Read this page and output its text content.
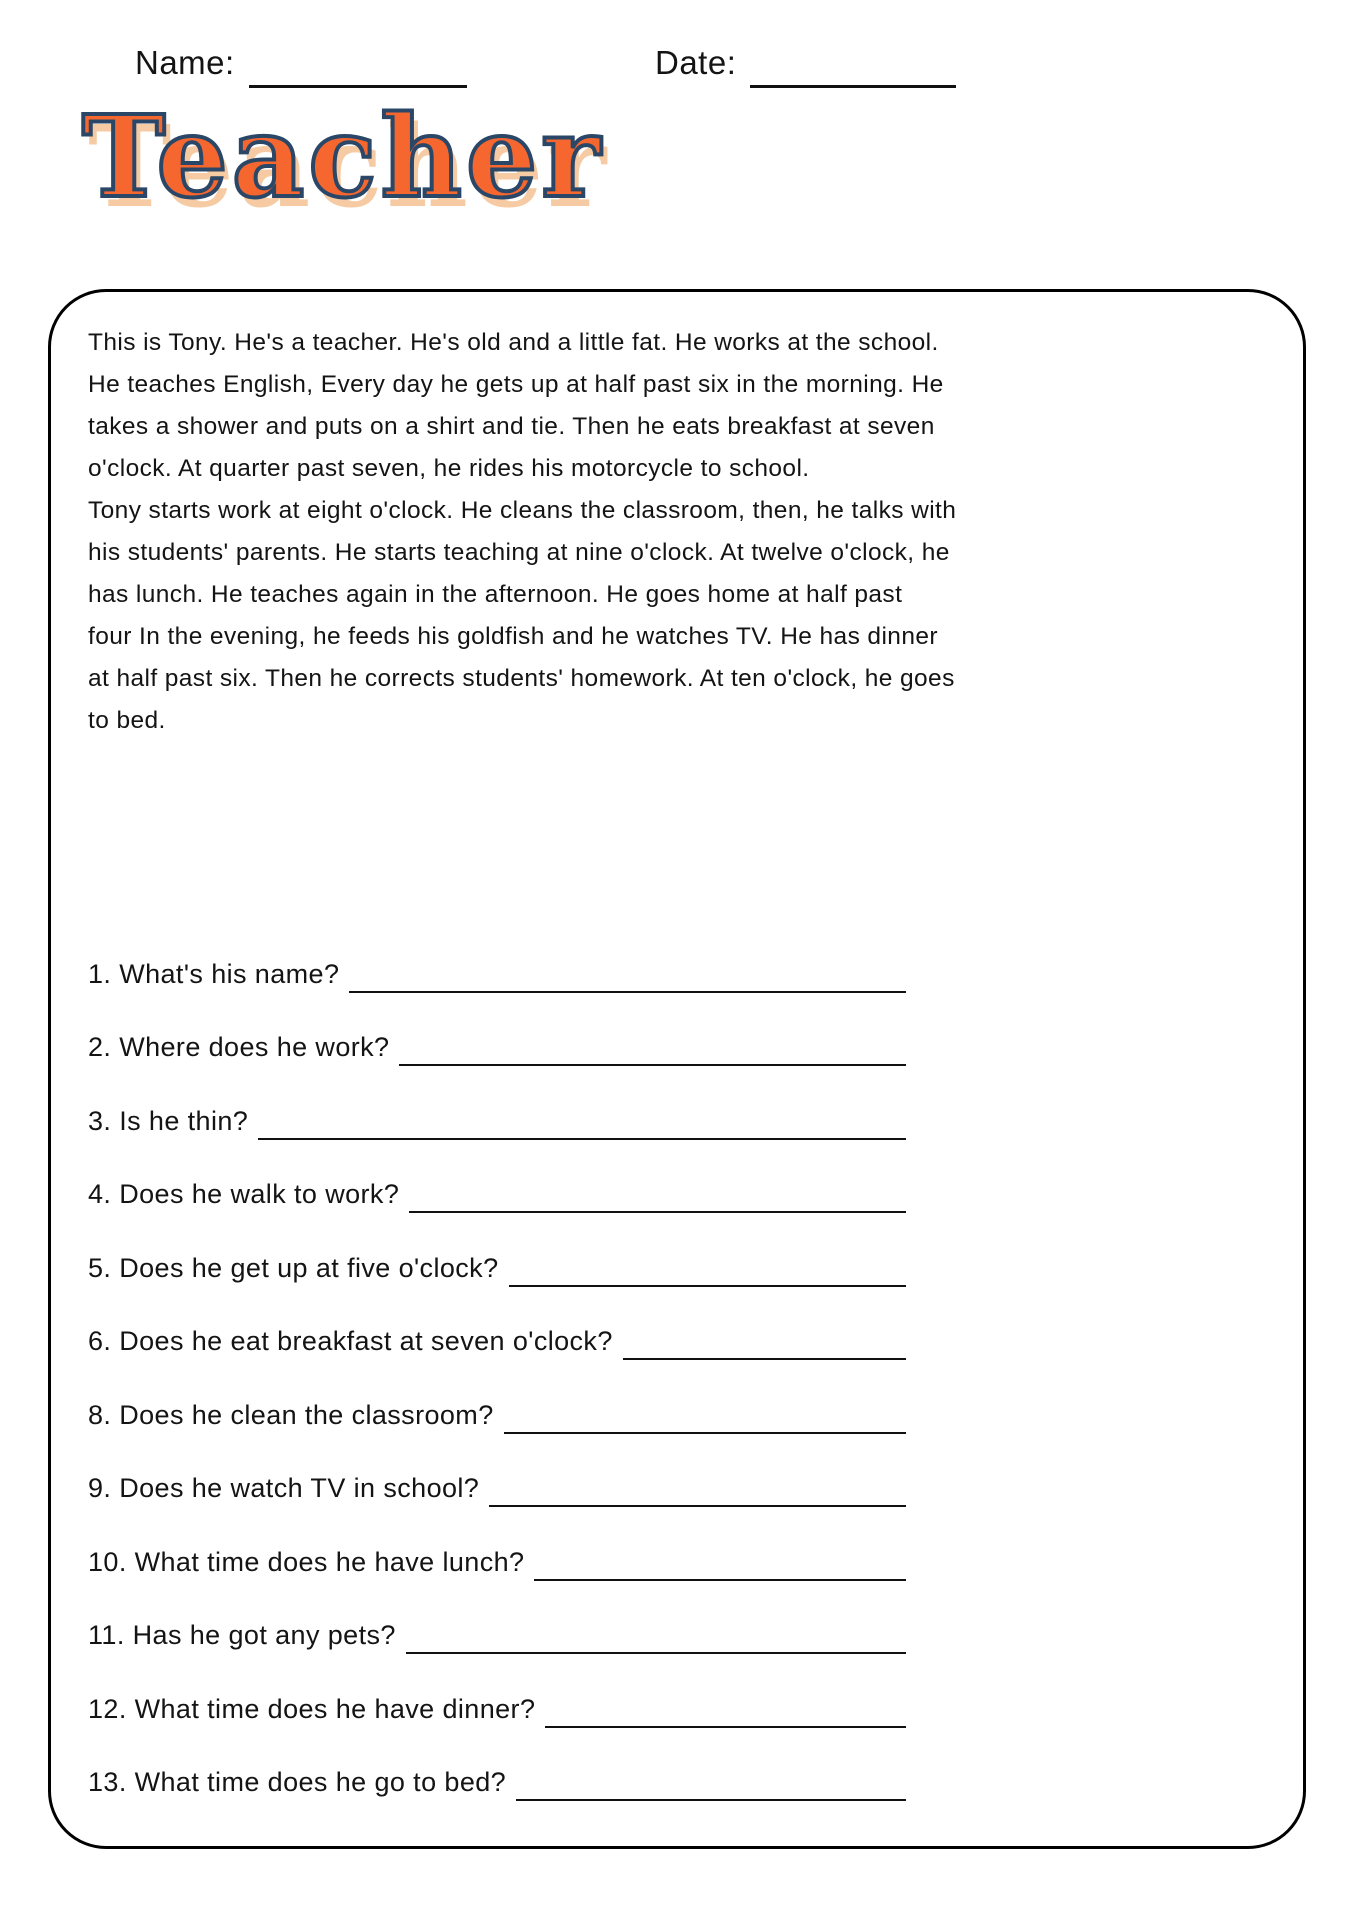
Name:	Date:
Teacher
This is Tony. He's a teacher. He's old and a little fat. He works at the school.
He teaches English, Every day he gets up at half past six in the morning. He
takes a shower and puts on a shirt and tie. Then he eats breakfast at seven
o'clock. At quarter past seven, he rides his motorcycle to school.
Tony starts work at eight o'clock. He cleans the classroom, then, he talks with
his students' parents. He starts teaching at nine o'clock. At twelve o'clock, he
has lunch. He teaches again in the afternoon. He goes home at half past
four In the evening, he feeds his goldfish and he watches TV. He has dinner
at half past six. Then he corrects students' homework. At ten o'clock, he goes
to bed.
1. What's his name?
2. Where does he work?
3. Is he thin?
4. Does he walk to work?
5. Does he get up at five o'clock?
6. Does he eat breakfast at seven o'clock?
8. Does he clean the classroom?
9. Does he watch TV in school?
10. What time does he have lunch?
11. Has he got any pets?
12. What time does he have dinner?
13. What time does he go to bed?
